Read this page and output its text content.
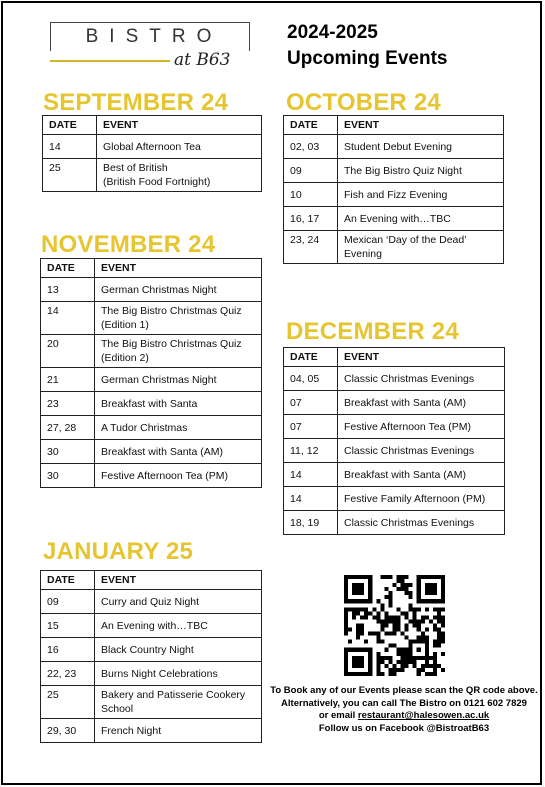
BISTRO
at B63
2024-2025
Upcoming Events
SEPTEMBER 24
DATE	EVENT
14	Global Afternoon Tea
25	Best of British
(British Food Fortnight)
OCTOBER 24
DATE	EVENT
02, 03	Student Debut Evening
09	The Big Bistro Quiz Night
10	Fish and Fizz Evening
16, 17	An Evening with…TBC
23, 24	Mexican ‘Day of the Dead’
Evening
NOVEMBER 24
DATE	EVENT
13	German Christmas Night
14	The Big Bistro Christmas Quiz
(Edition 1)
20	The Big Bistro Christmas Quiz
(Edition 2)
21	German Christmas Night
23	Breakfast with Santa
27, 28	A Tudor Christmas
30	Breakfast with Santa (AM)
30	Festive Afternoon Tea (PM)
DECEMBER 24
DATE	EVENT
04, 05	Classic Christmas Evenings
07	Breakfast with Santa (AM)
07	Festive Afternoon Tea (PM)
11, 12	Classic Christmas Evenings
14	Breakfast with Santa (AM)
14	Festive Family Afternoon (PM)
18, 19	Classic Christmas Evenings
JANUARY 25
DATE	EVENT
09	Curry and Quiz Night
15	An Evening with…TBC
16	Black Country Night
22, 23	Burns Night Celebrations
25	Bakery and Patisserie Cookery
School
29, 30	French Night
To Book any of our Events please scan the QR code above.
Alternatively, you can call The Bistro on 0121 602 7829
or email restaurant@halesowen.ac.uk
Follow us on Facebook @BistroatB63
